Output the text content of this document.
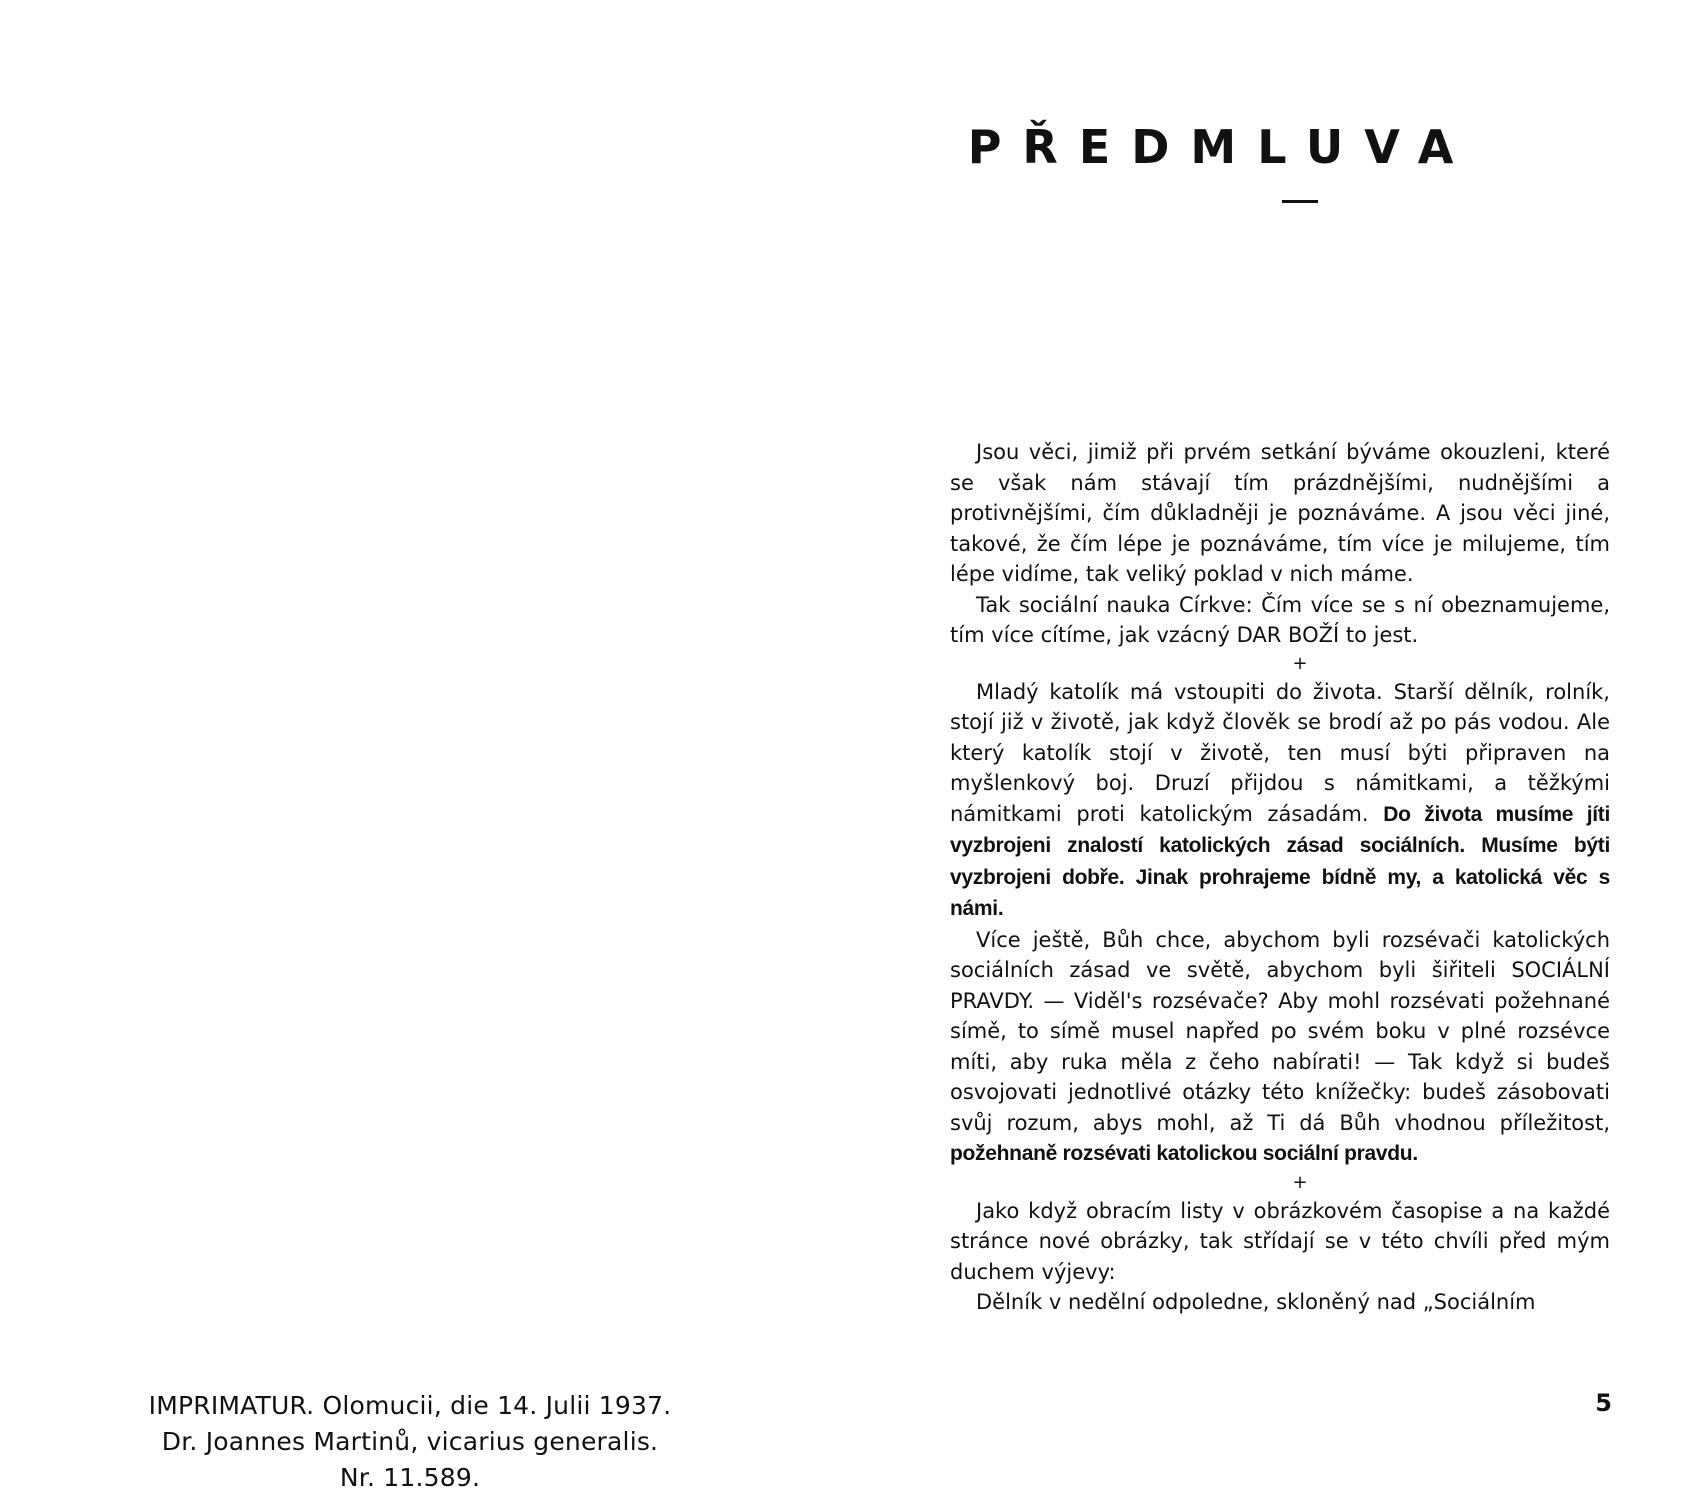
IMPRIMATUR. Olomucii, die 14. Julii 1937.
Dr. Joannes Martinů, vicarius generalis.
Nr. 11.589.
PŘEDMLUVA

Jsou věci, jimiž při prvém setkání býváme okouzleni, které se však nám stávají tím prázdnějšími, nudnějšími a protivnějšími, čím důkladněji je poznáváme. A jsou věci jiné, takové, že čím lépe je poznáváme, tím více je milujeme, tím lépe vidíme, tak veliký poklad v nich máme.

Tak sociální nauka Církve: Čím více se s ní obeznamujeme, tím více cítíme, jak vzácný DAR BOŽÍ to jest.

+

Mladý katolík má vstoupiti do života. Starší dělník, rolník, stojí již v životě, jak když člověk se brodí až po pás vodou. Ale který katolík stojí v životě, ten musí býti připraven na myšlenkový boj. Druzí přijdou s námitkami, a těžkými námitkami proti katolickým zásadám. Do života musíme jíti vyzbrojeni znalostí katolických zásad sociálních. Musíme býti vyzbrojeni dobře. Jinak prohrajeme bídně my, a katolická věc s námi.

Více ještě, Bůh chce, abychom byli rozsévači katolických sociálních zásad ve světě, abychom byli šiřiteli SOCIÁLNÍ PRAVDY. — Viděl's rozsévače? Aby mohl rozsévati požehnané símě, to símě musel napřed po svém boku v plné rozsévce míti, aby ruka měla z čeho nabírati! — Tak když si budeš osvojovati jednotlivé otázky této knížečky: budeš zásobovati svůj rozum, abys mohl, až Ti dá Bůh vhodnou příležitost, požehnaně rozsévati katolickou sociální pravdu.

+

Jako když obracím listy v obrázkovém časopise a na každé stránce nové obrázky, tak střídají se v této chvíli před mým duchem výjevy:

Dělník v nedělní odpoledne, skloněný nad „Sociálním

5
